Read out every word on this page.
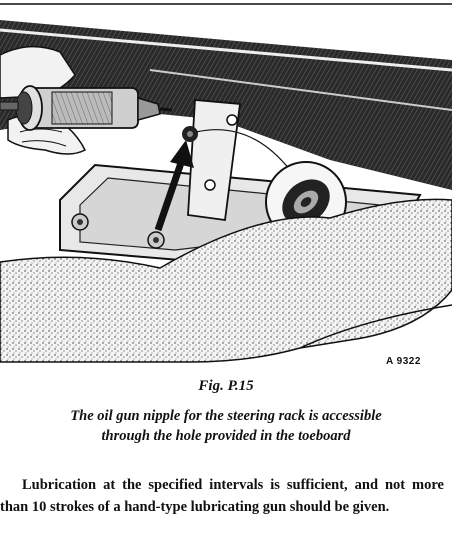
A 9322
Fig. P.15
The oil gun nipple for the steering rack is accessible
through the hole provided in the toeboard
Lubrication at the specified intervals is sufficient, and not more than 10 strokes of a hand-type lubricating gun should be given.
